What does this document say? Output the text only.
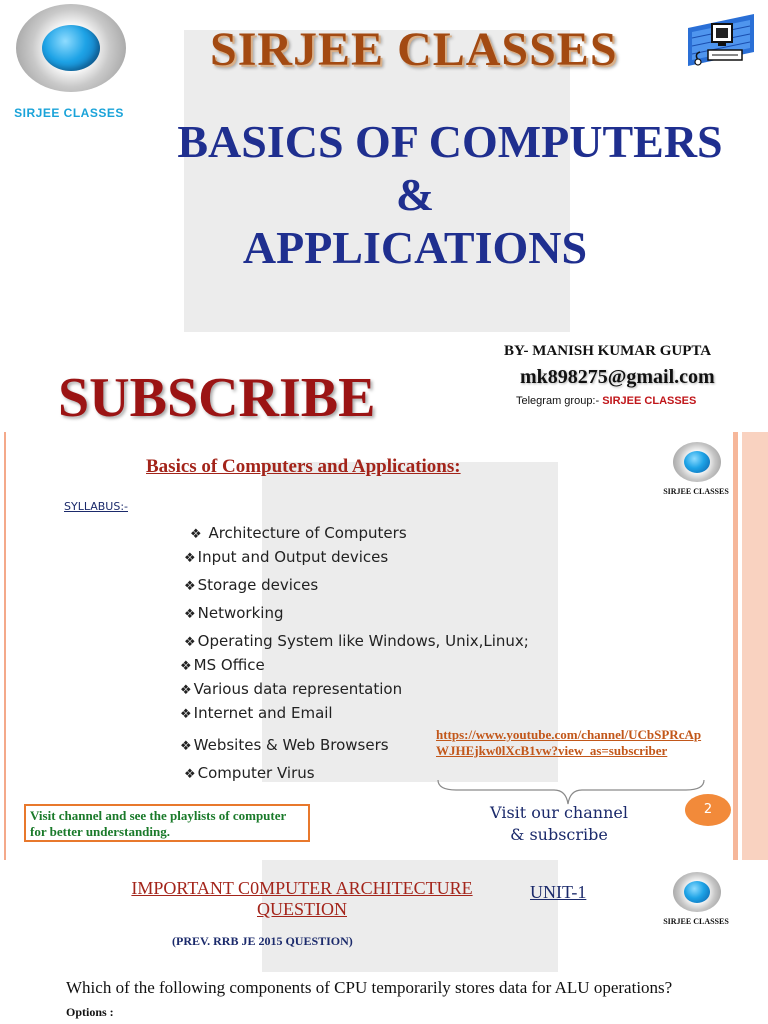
SIRJEE CLASSES
SIRJEE CLASSES
BASICS OF COMPUTERS
&
APPLICATIONS
BY- MANISH KUMAR GUPTA
SUBSCRIBE	mk898275@gmail.com
Telegram group:- SIRJEE CLASSES
Basics of Computers and Applications:
SIRJEE CLASSES
SYLLABUS:-
❖ Architecture of Computers
❖ Input and Output devices
❖ Storage devices
❖ Networking
❖ Operating System like Windows, Unix,Linux;
❖ MS Office
❖ Various data representation
❖ Internet and Email
❖ Websites & Web Browsers
❖ Computer Virus
https://www.youtube.com/channel/UCbSPRcApWJHEjkw0lXcB1vw?view_as=subscriber
Visit our channel
& subscribe
Visit channel and see the playlists of computer for better understanding.
2
IMPORTANT C0MPUTER ARCHITECTURE
QUESTION
UNIT-1
SIRJEE CLASSES
(PREV. RRB JE 2015 QUESTION)
Which of the following components of CPU temporarily stores data for ALU operations?
Options :
